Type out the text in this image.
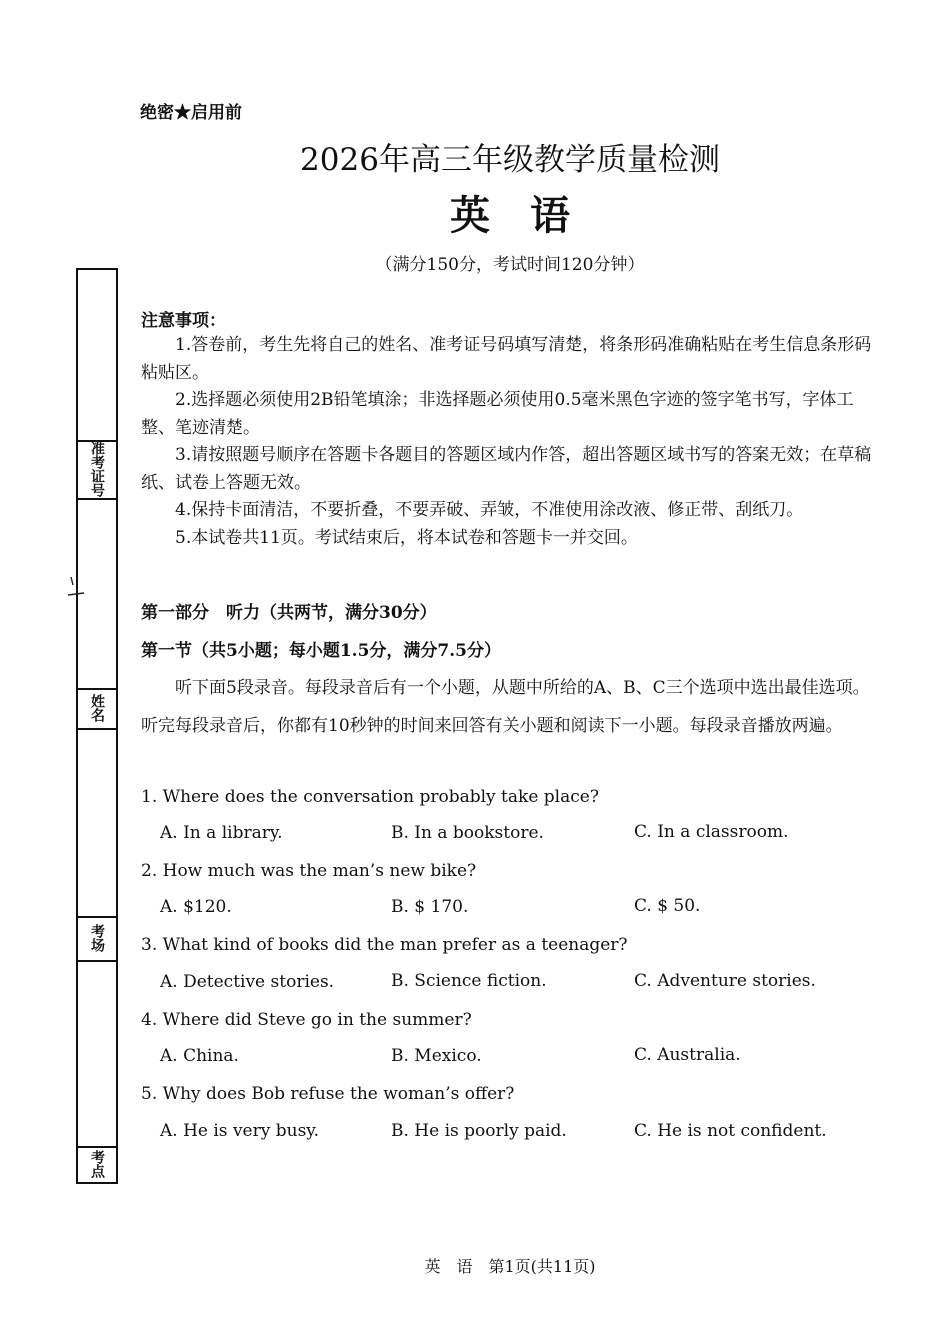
准考证号
姓名
考场
考点
绝密★启用前
2026年高三年级教学质量检测
英语
（满分150分，考试时间120分钟）
注意事项：

1.答卷前，考生先将自己的姓名、准考证号码填写清楚，将条形码准确粘贴在考生信息条形码粘贴区。

2.选择题必须使用2B铅笔填涂；非选择题必须使用0.5毫米黑色字迹的签字笔书写，字体工整、笔迹清楚。

3.请按照题号顺序在答题卡各题目的答题区域内作答，超出答题区域书写的答案无效；在草稿纸、试卷上答题无效。

4.保持卡面清洁，不要折叠，不要弄破、弄皱，不准使用涂改液、修正带、刮纸刀。

5.本试卷共11页。考试结束后，将本试卷和答题卡一并交回。

第一部分　听力（共两节，满分30分）
第一节（共5小题；每小题1.5分，满分7.5分）
听下面5段录音。每段录音后有一个小题，从题中所给的A、B、C三个选项中选出最佳选项。听完每段录音后，你都有10秒钟的时间来回答有关小题和阅读下一小题。每段录音播放两遍。
1. Where does the conversation probably take place?
A. In a library.	B. In a bookstore.	C. In a classroom.
2. How much was the man’s new bike?
A. $120.	B. $ 170.	C. $ 50.
3. What kind of books did the man prefer as a teenager?
A. Detective stories.	B. Science fiction.	C. Adventure stories.
4. Where did Steve go in the summer?
A. China.	B. Mexico.	C. Australia.
5. Why does Bob refuse the woman’s offer?
A. He is very busy.	B. He is poorly paid.	C. He is not confident.
英　语　第1页(共11页)
